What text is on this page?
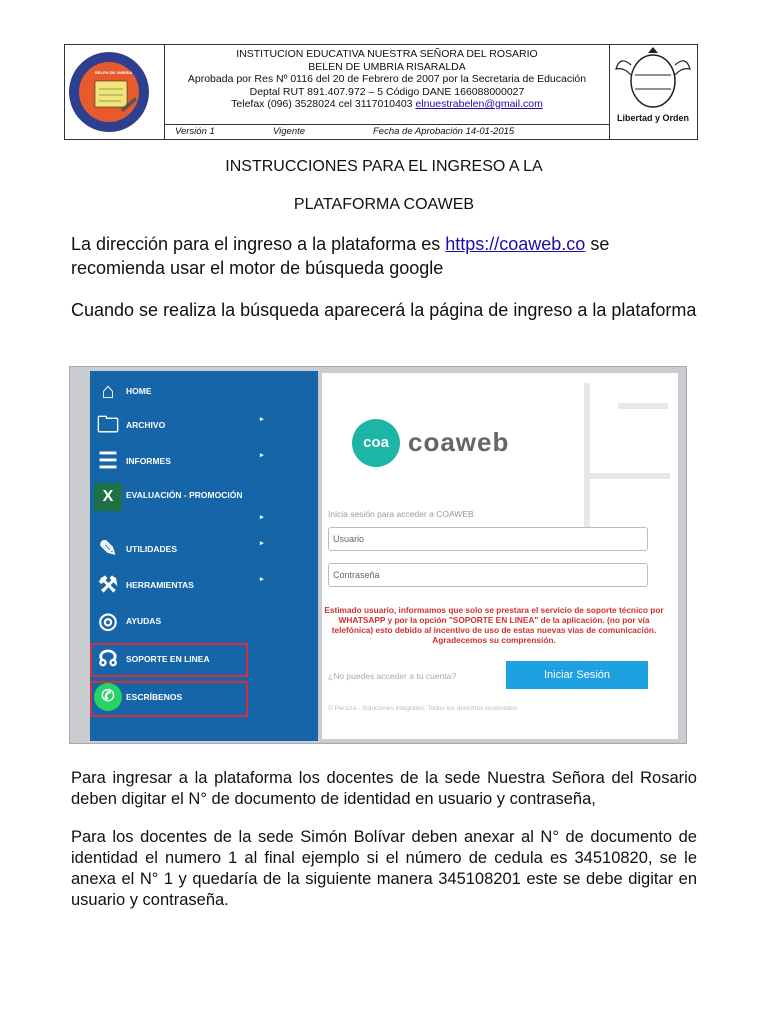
BELEN DE UMBRIA
INSTITUCION EDUCATIVA NUESTRA SEÑORA DEL ROSARIO
BELEN DE UMBRIA RISARALDA
Aprobada por Res Nº 0116 del 20 de Febrero de 2007 por la Secretaria de Educación
Deptal RUT 891.407.972 – 5 Código DANE 166088000027
Telefax (096) 3528024 cel 3117010403 elnuestrabelen@gmail.com
Versión 1	Vigente	Fecha de Aprobación 14-01-2015
Libertad y Orden
INSTRUCCIONES PARA EL INGRESO A LA
PLATAFORMA COAWEB
La dirección para el ingreso a la plataforma es https://coaweb.co se recomienda usar el motor de búsqueda google
Cuando se realiza la búsqueda aparecerá la página de ingreso a la plataforma
⌂	HOME
🗀 ARCHIVO
▸
☰ INFORMES
▸
X	EVALUACIÓN - PROMOCIÓN
▸
✎	UTILIDADES
▸
⚒ HERRAMIENTAS
▸
◎ AYUDAS
☊ SOPORTE EN LINEA
✆	ESCRÍBENOS
coa coaweb
Inicia sesión para acceder a COAWEB
Usuario
Contraseña
Estimado usuario, informamos que solo se prestara el servicio de soporte técnico por WHATSAPP y por la opción "SOPORTE EN LINEA" de la aplicación. (no por vía telefónica) esto debido al incentivo de uso de estas nuevas vías de comunicación. Agradecemos su comprensión.
¿No puedes acceder a tu cuenta?	Iniciar Sesión
© Persiza - Soluciones integrales. Todos los derechos reservados
Para ingresar a la plataforma los docentes de la sede Nuestra Señora del Rosario deben digitar el N° de documento de identidad en usuario y contraseña,
Para los docentes de la sede Simón Bolívar deben anexar al N° de documento de identidad el numero 1 al final ejemplo si el número de cedula es 34510820, se le anexa el N° 1 y quedaría de la siguiente manera 345108201 este se debe digitar en usuario y contraseña.
